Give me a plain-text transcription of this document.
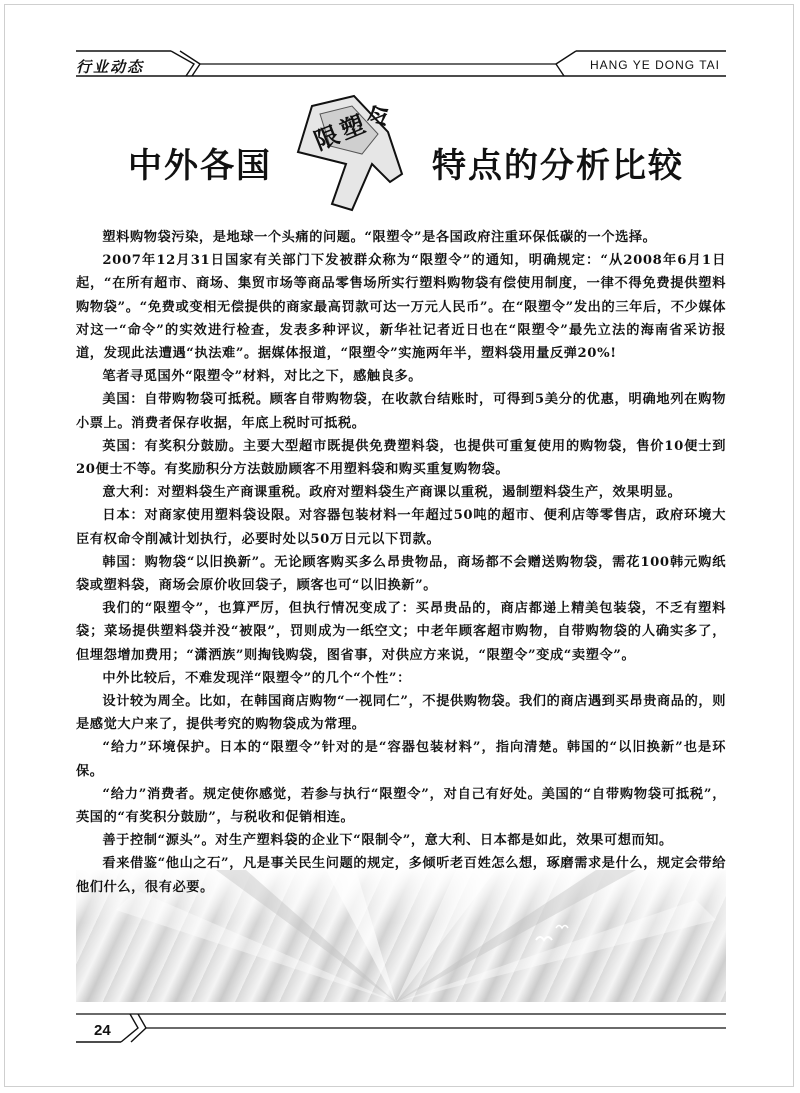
行业动态	HANG YE DONG TAI
中外各国
限塑令
特点的分析比较

塑料购物袋污染，是地球一个头痛的问题。“限塑令”是各国政府注重环保低碳的一个选择。

2007年12月31日国家有关部门下发被群众称为“限塑令”的通知，明确规定：“从2008年6月1日起，“在所有超市、商场、集贸市场等商品零售场所实行塑料购物袋有偿使用制度，一律不得免费提供塑料购物袋”。“免费或变相无偿提供的商家最高罚款可达一万元人民币”。在“限塑令”发出的三年后，不少媒体对这一“命令”的实效进行检查，发表多种评议，新华社记者近日也在“限塑令”最先立法的海南省采访报道，发现此法遭遇“执法难”。据媒体报道，“限塑令”实施两年半，塑料袋用量反弹20%!

笔者寻觅国外“限塑令”材料，对比之下，感触良多。

美国：自带购物袋可抵税。顾客自带购物袋，在收款台结账时，可得到5美分的优惠，明确地列在购物小票上。消费者保存收据，年底上税时可抵税。

英国：有奖积分鼓励。主要大型超市既提供免费塑料袋，也提供可重复使用的购物袋，售价10便士到20便士不等。有奖励积分方法鼓励顾客不用塑料袋和购买重复购物袋。

意大利：对塑料袋生产商课重税。政府对塑料袋生产商课以重税，遏制塑料袋生产，效果明显。

日本：对商家使用塑料袋设限。对容器包装材料一年超过50吨的超市、便利店等零售店，政府环境大臣有权命令削减计划执行，必要时处以50万日元以下罚款。

韩国：购物袋“以旧换新”。无论顾客购买多么昂贵物品，商场都不会赠送购物袋，需花100韩元购纸袋或塑料袋，商场会原价收回袋子，顾客也可“以旧换新”。

我们的“限塑令”，也算严厉，但执行情况变成了：买昂贵品的，商店都递上精美包装袋，不乏有塑料袋；菜场提供塑料袋并没“被限”，罚则成为一纸空文；中老年顾客超市购物，自带购物袋的人确实多了，但埋怨增加费用；“潇洒族”则掏钱购袋，图省事，对供应方来说，“限塑令”变成“卖塑令”。

中外比较后，不难发现洋“限塑令”的几个“个性”：

设计较为周全。比如，在韩国商店购物“一视同仁”，不提供购物袋。我们的商店遇到买昂贵商品的，则是感觉大户来了，提供考究的购物袋成为常理。

“给力”环境保护。日本的“限塑令”针对的是“容器包装材料”，指向清楚。韩国的“以旧换新”也是环保。

“给力”消费者。规定使你感觉，若参与执行“限塑令”，对自己有好处。美国的“自带购物袋可抵税”，英国的“有奖积分鼓励”，与税收和促销相连。

善于控制“源头”。对生产塑料袋的企业下“限制令”，意大利、日本都是如此，效果可想而知。

看来借鉴“他山之石”，凡是事关民生问题的规定，多倾听老百姓怎么想，琢磨需求是什么，规定会带给他们什么，很有必要。

24
